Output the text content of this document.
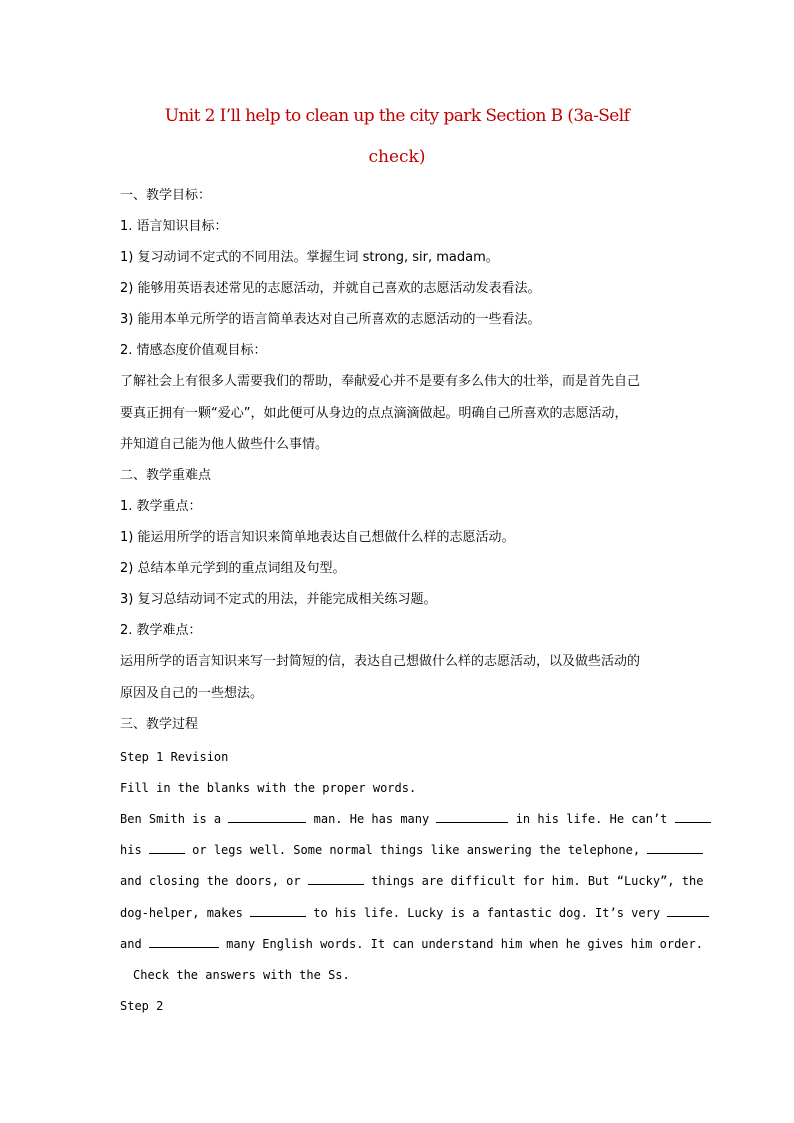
Unit 2 I’ll help to clean up the city park Section B (3a-Self
check)
一、教学目标：
1. 语言知识目标：
1) 复习动词不定式的不同用法。掌握生词 strong, sir, madam。
2) 能够用英语表述常见的志愿活动，并就自己喜欢的志愿活动发表看法。
3) 能用本单元所学的语言简单表达对自己所喜欢的志愿活动的一些看法。
2. 情感态度价值观目标：
了解社会上有很多人需要我们的帮助，奉献爱心并不是要有多么伟大的壮举，而是首先自己
要真正拥有一颗“爱心”，如此便可从身边的点点滴滴做起。明确自己所喜欢的志愿活动，
并知道自己能为他人做些什么事情。
二、教学重难点
1. 教学重点：
1) 能运用所学的语言知识来简单地表达自己想做什么样的志愿活动。
2) 总结本单元学到的重点词组及句型。
3) 复习总结动词不定式的用法，并能完成相关练习题。
2. 教学难点：
运用所学的语言知识来写一封简短的信，表达自己想做什么样的志愿活动，以及做些活动的
原因及自己的一些想法。
三、教学过程
Step 1 Revision
Fill in the blanks with the proper words.
Ben Smith is a	man. He has many	in his life. He can’t
his	or legs well. Some normal things like answering the telephone,
and closing the doors, or	things are difficult for him. But “Lucky”, the
dog-helper, makes	to his life. Lucky is a fantastic dog. It’s very
and	many English words. It can understand him when he gives him order.
Check the answers with the Ss.
Step 2
